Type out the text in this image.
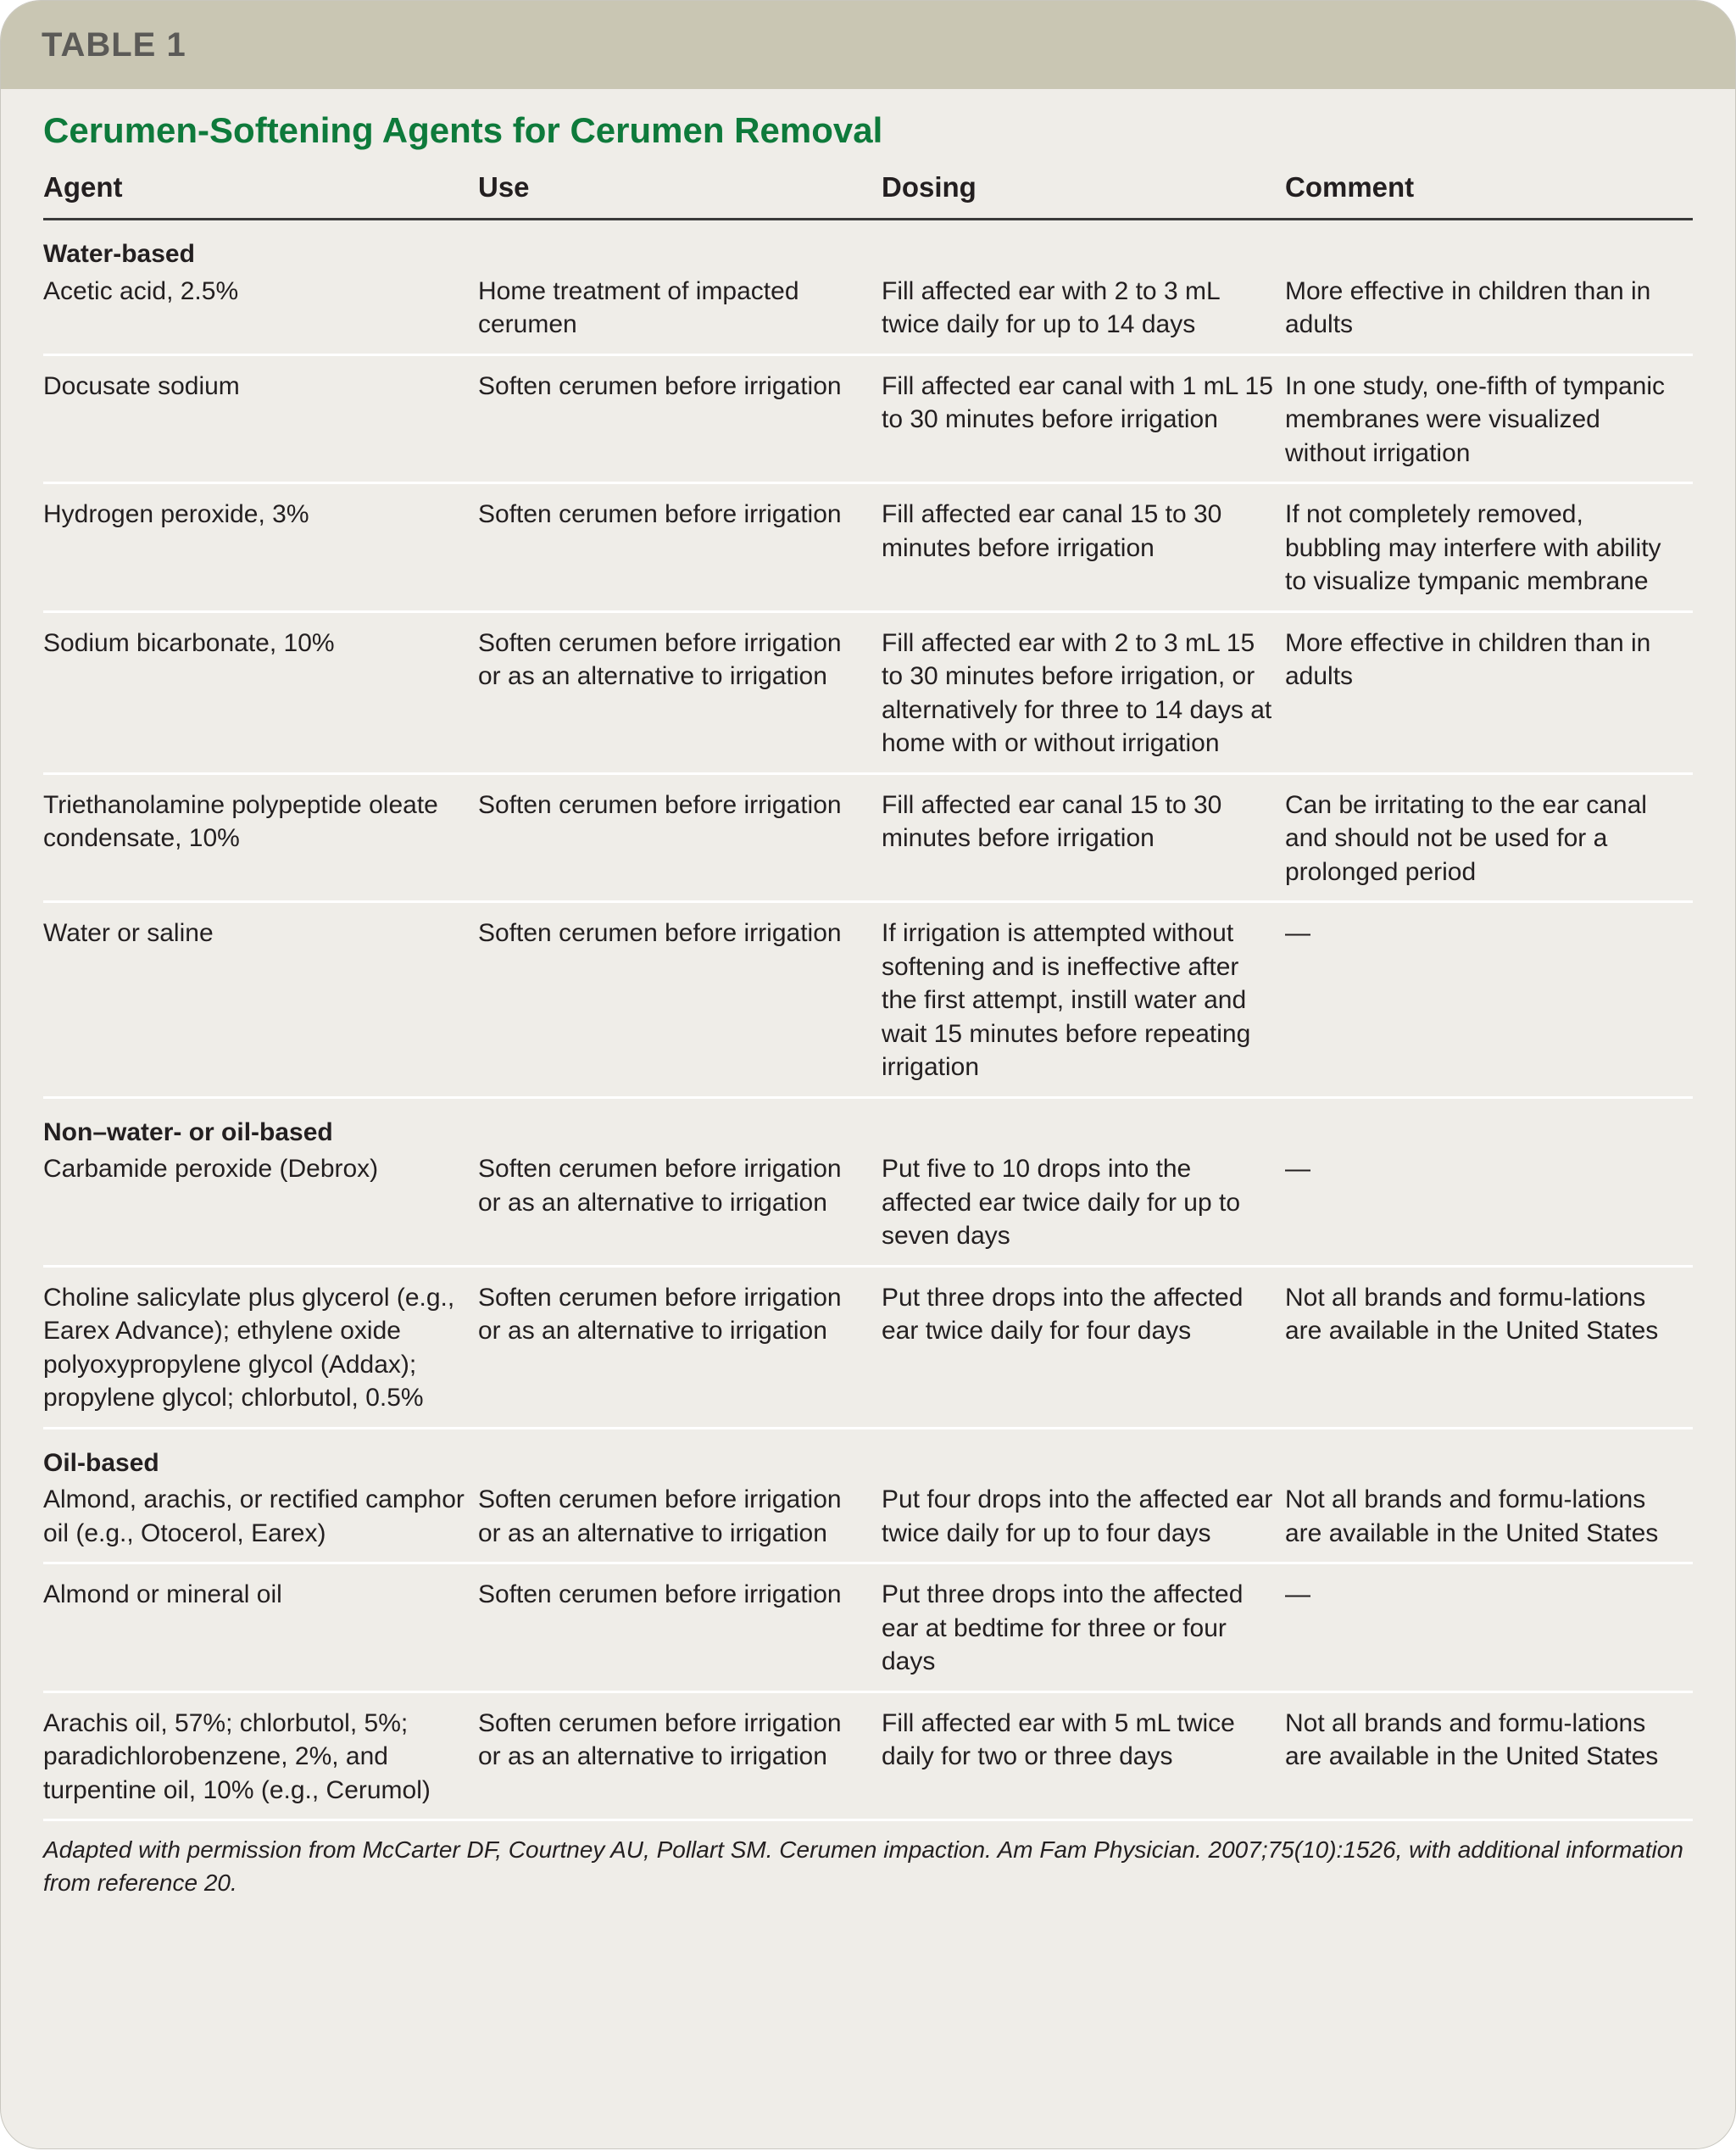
TABLE 1
Cerumen-Softening Agents for Cerumen Removal
Agent	Use	Dosing	Comment
Water-based			
Acetic acid, 2.5%	Home treatment of impacted cerumen	Fill affected ear with 2 to 3 mL twice daily for up to 14 days	More effective in children than in adults
Docusate sodium	Soften cerumen before irrigation	Fill affected ear canal with 1 mL 15 to 30 minutes before irrigation	In one study, one-fifth of tympanic membranes were visualized without irrigation
Hydrogen peroxide, 3%	Soften cerumen before irrigation	Fill affected ear canal 15 to 30 minutes before irrigation	If not completely removed, bubbling may interfere with ability to visualize tympanic membrane
Sodium bicarbonate, 10%	Soften cerumen before irrigation or as an alternative to irrigation	Fill affected ear with 2 to 3 mL 15 to 30 minutes before irrigation, or alternatively for three to 14 days at home with or without irrigation	More effective in children than in adults
Triethanolamine polypeptide oleate condensate, 10%	Soften cerumen before irrigation	Fill affected ear canal 15 to 30 minutes before irrigation	Can be irritating to the ear canal and should not be used for a prolonged period
Water or saline	Soften cerumen before irrigation	If irrigation is attempted without softening and is ineffective after the first attempt, instill water and wait 15 minutes before repeating irrigation	—
Non–water- or oil-based			
Carbamide peroxide (Debrox)	Soften cerumen before irrigation or as an alternative to irrigation	Put five to 10 drops into the affected ear twice daily for up to seven days	—
Choline salicylate plus glycerol (e.g., Earex Advance); ethylene oxide polyoxypropylene glycol (Addax); propylene glycol; chlorbutol, 0.5%	Soften cerumen before irrigation or as an alternative to irrigation	Put three drops into the affected ear twice daily for four days	Not all brands and formu-lations are available in the United States
Oil-based			
Almond, arachis, or rectified camphor oil (e.g., Otocerol, Earex)	Soften cerumen before irrigation or as an alternative to irrigation	Put four drops into the affected ear twice daily for up to four days	Not all brands and formu-lations are available in the United States
Almond or mineral oil	Soften cerumen before irrigation	Put three drops into the affected ear at bedtime for three or four days	—
Arachis oil, 57%; chlorbutol, 5%; paradichlorobenzene, 2%, and turpentine oil, 10% (e.g., Cerumol)	Soften cerumen before irrigation or as an alternative to irrigation	Fill affected ear with 5 mL twice daily for two or three days	Not all brands and formu-lations are available in the United States
Adapted with permission from McCarter DF, Courtney AU, Pollart SM. Cerumen impaction. Am Fam Physician. 2007;75(10):1526, with additional information from reference 20.
